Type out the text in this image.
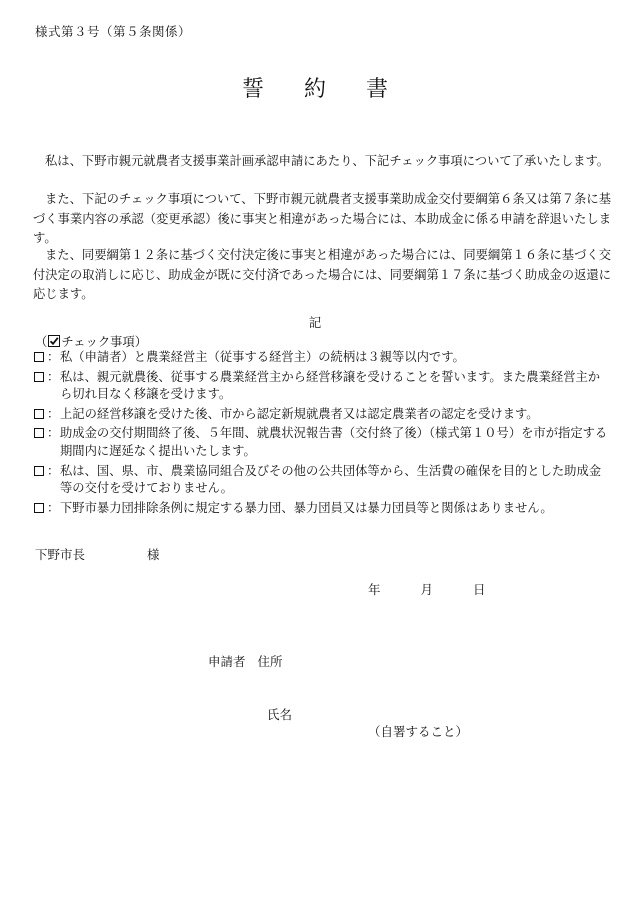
様式第３号（第５条関係）
誓 約 書

私は、下野市親元就農者支援事業計画承認申請にあたり、下記チェック事項について了承いたします。

また、下記のチェック事項について、下野市親元就農者支援事業助成金交付要綱第６条又は第７条に基づく事業内容の承認（変更承認）後に事実と相違があった場合には、本助成金に係る申請を辞退いたします。

また、同要綱第１２条に基づく交付決定後に事実と相違があった場合には、同要綱第１６条に基づく交付決定の取消しに応じ、助成金が既に交付済であった場合には、同要綱第１７条に基づく助成金の返還に応じます。

記
（ チェック事項）
： 私（申請者）と農業経営主（従事する経営主）の続柄は３親等以内です。
： 私は、親元就農後、従事する農業経営主から経営移譲を受けることを誓います。また農業経営主から切れ目なく移譲を受けます。
： 上記の経営移譲を受けた後、市から認定新規就農者又は認定農業者の認定を受けます。
： 助成金の交付期間終了後、５年間、就農状況報告書（交付終了後）（様式第１０号）を市が指定する期間内に遅延なく提出いたします。
： 私は、国、県、市、農業協同組合及びその他の公共団体等から、生活費の確保を目的とした助成金等の交付を受けておりません。
： 下野市暴力団排除条例に規定する暴力団、暴力団員又は暴力団員等と関係はありません。
下野市長	様
年	月	日
申請者 住所
氏名
（自署すること）
